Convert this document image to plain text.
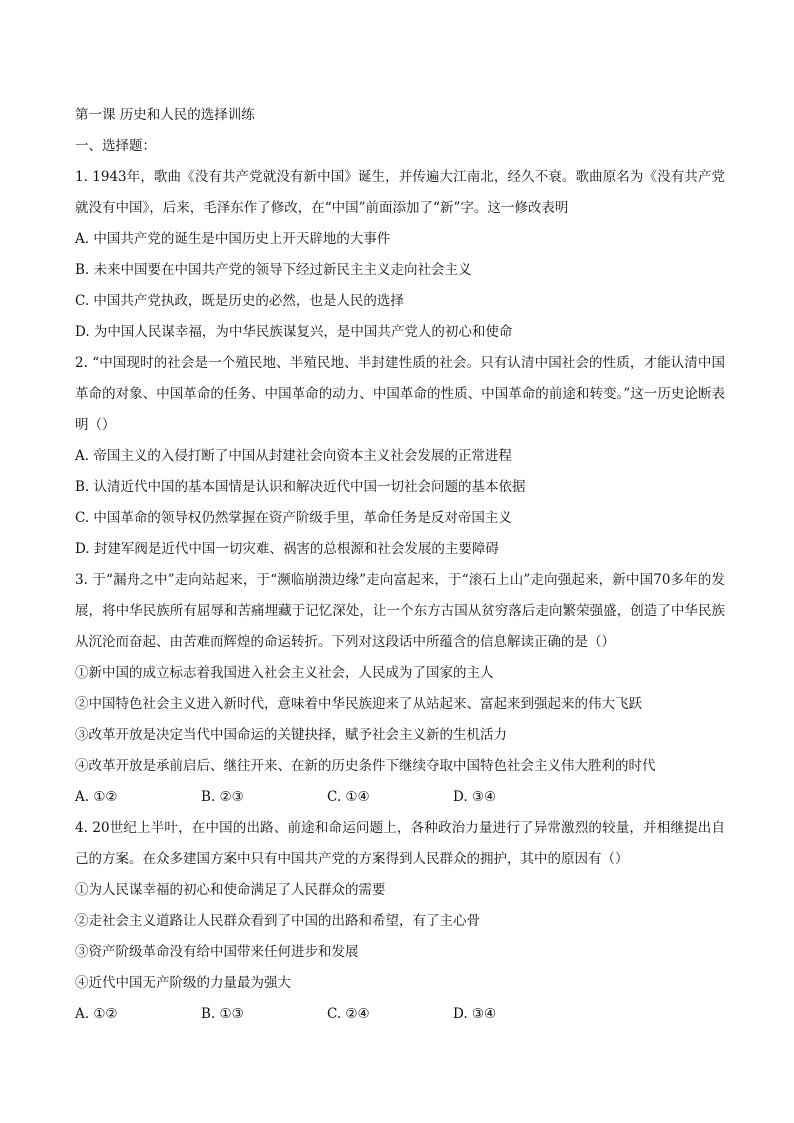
第一课 历史和人民的选择训练
一、选择题：
1. 1943年，歌曲《没有共产党就没有新中国》诞生，并传遍大江南北，经久不衰。歌曲原名为《没有共产党就没有中国》，后来，毛泽东作了修改，在“中国”前面添加了“新”字。这一修改表明
A. 中国共产党的诞生是中国历史上开天辟地的大事件
B. 未来中国要在中国共产党的领导下经过新民主主义走向社会主义
C. 中国共产党执政，既是历史的必然，也是人民的选择
D. 为中国人民谋幸福，为中华民族谋复兴，是中国共产党人的初心和使命
2. “中国现时的社会是一个殖民地、半殖民地、半封建性质的社会。只有认清中国社会的性质，才能认清中国革命的对象、中国革命的任务、中国革命的动力、中国革命的性质、中国革命的前途和转变。”这一历史论断表明（）
A. 帝国主义的入侵打断了中国从封建社会向资本主义社会发展的正常进程
B. 认清近代中国的基本国情是认识和解决近代中国一切社会问题的基本依据
C. 中国革命的领导权仍然掌握在资产阶级手里，革命任务是反对帝国主义
D. 封建军阀是近代中国一切灾难、祸害的总根源和社会发展的主要障碍
3. 于“漏舟之中”走向站起来，于“濒临崩溃边缘”走向富起来，于“滚石上山”走向强起来，新中国70多年的发展，将中华民族所有屈辱和苦痛埋藏于记忆深处，让一个东方古国从贫穷落后走向繁荣强盛，创造了中华民族从沉沦而奋起、由苦难而辉煌的命运转折。下列对这段话中所蕴含的信息解读正确的是（）
①新中国的成立标志着我国进入社会主义社会，人民成为了国家的主人
②中国特色社会主义进入新时代，意味着中华民族迎来了从站起来、富起来到强起来的伟大飞跃
③改革开放是决定当代中国命运的关键抉择，赋予社会主义新的生机活力
④改革开放是承前启后、继往开来、在新的历史条件下继续夺取中国特色社会主义伟大胜利的时代
A. ①②	B. ②③	C. ①④	D. ③④
4. 20世纪上半叶，在中国的出路、前途和命运问题上，各种政治力量进行了异常激烈的较量，并相继提出自己的方案。在众多建国方案中只有中国共产党的方案得到人民群众的拥护，其中的原因有（）
①为人民谋幸福的初心和使命满足了人民群众的需要
②走社会主义道路让人民群众看到了中国的出路和希望，有了主心骨
③资产阶级革命没有给中国带来任何进步和发展
④近代中国无产阶级的力量最为强大
A. ①②	B. ①③	C. ②④	D. ③④
